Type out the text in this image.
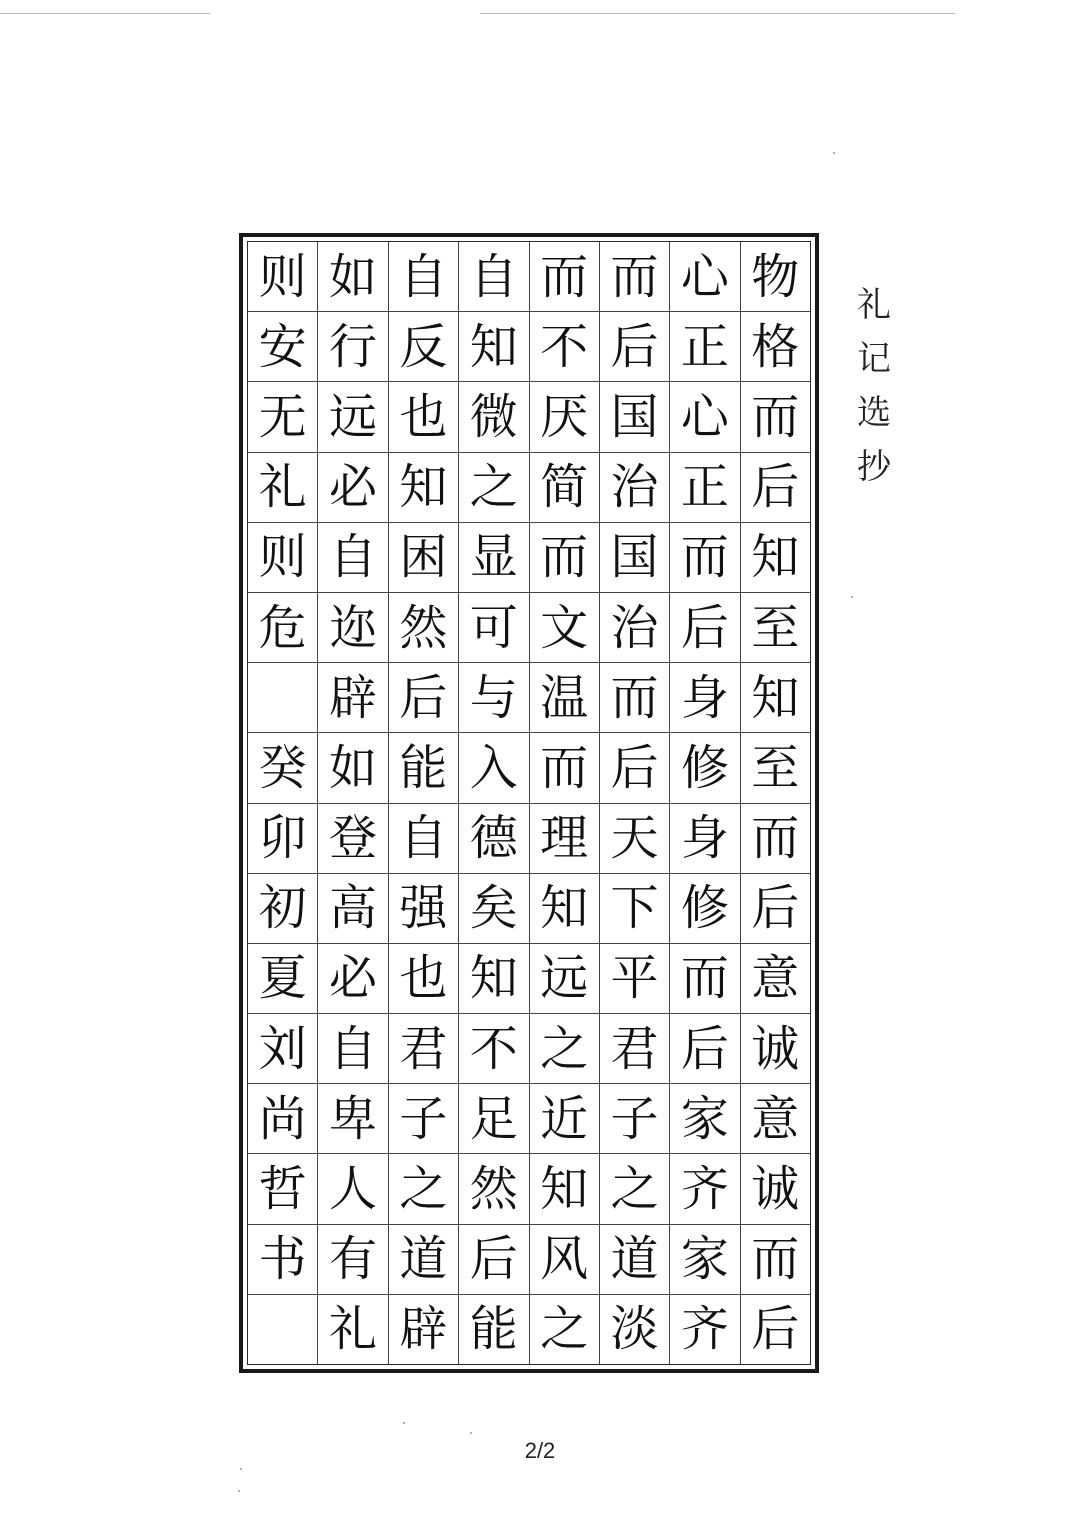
物
格
而
后
知
至
知
至
而
后
意
诚
意
诚
而
后
心
正
心
正
而
后
身
修
身
修
而
后
家
齐
家
齐
而
后
国
治
国
治
而
后
天
下
平
君
子
之
道
淡
而
不
厌
简
而
文
温
而
理
知
远
之
近
知
风
之
自
知
微
之
显
可
与
入
德
矣
知
不
足
然
后
能
自
反
也
知
困
然
后
能
自
强
也
君
子
之
道
辟
如
行
远
必
自
迩
辟
如
登
高
必
自
卑
人
有
礼
则
安
无
礼
则
危
癸
卯
初
夏
刘
尚
哲
书
礼
记
选
抄
2/2
